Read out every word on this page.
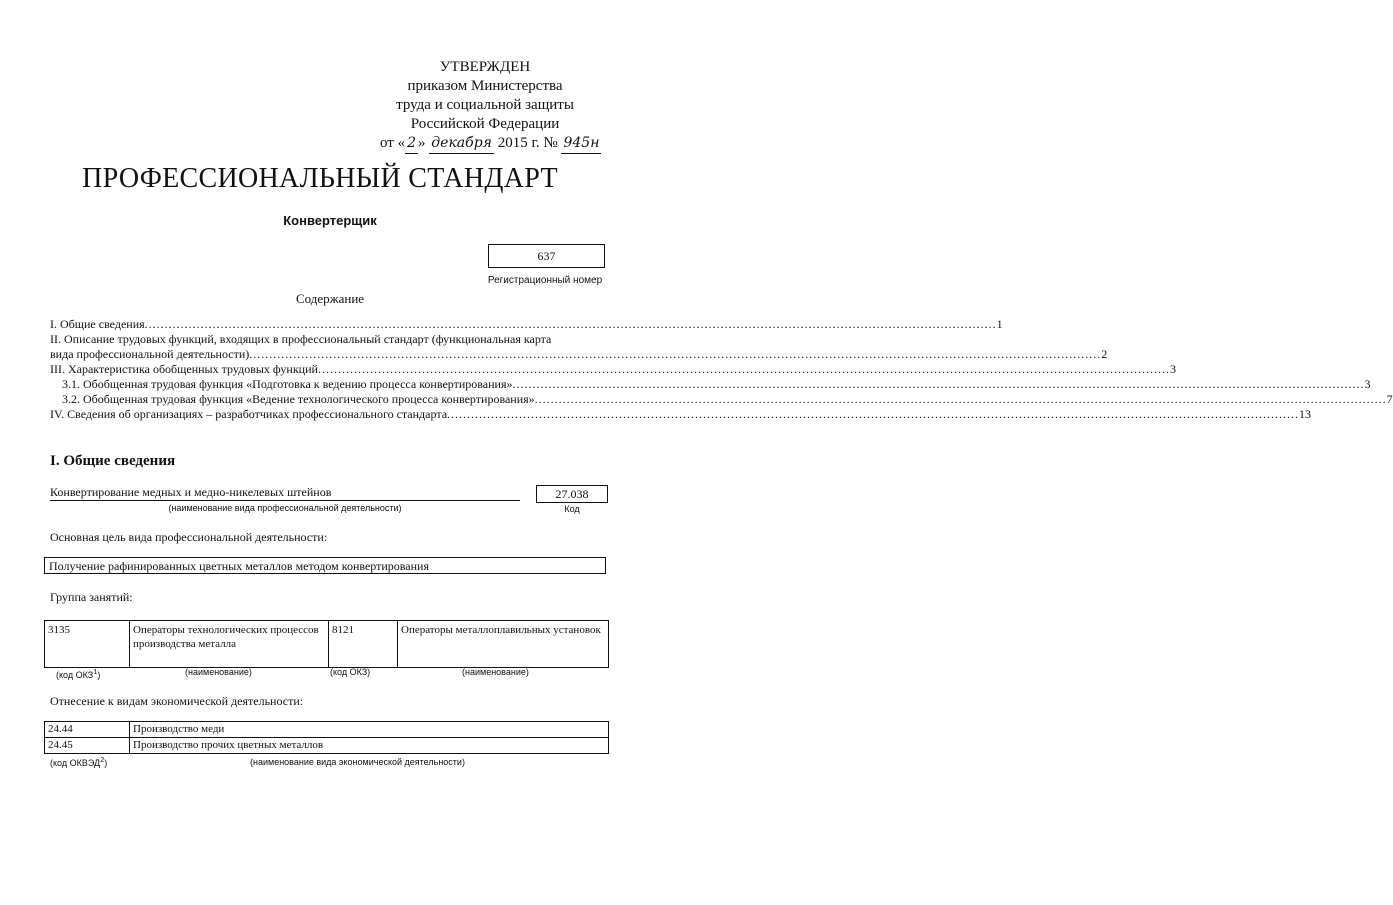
УТВЕРЖДЕН
приказом Министерства
труда и социальной защиты
Российской Федерации
от « 2 » декабря 2015 г. № 945н
ПРОФЕССИОНАЛЬНЫЙ СТАНДАРТ
Конвертерщик
637
Регистрационный номер
Содержание
I. Общие сведения ..................................................................................................................................................................................................................... 1
II. Описание трудовых функций, входящих в профессиональный стандарт (функциональная карта
вида профессиональной деятельности) ..................................................................................................................................................................................................................... 2
III. Характеристика обобщенных трудовых функций ..................................................................................................................................................................................................................... 3
3.1. Обобщенная трудовая функция «Подготовка к ведению процесса конвертирования» ..................................................................................................................................................................................................................... 3
3.2. Обобщенная трудовая функция «Ведение технологического процесса конвертирования» ..................................................................................................................................................................................................................... 7
IV. Сведения об организациях – разработчиках профессионального стандарта ..................................................................................................................................................................................................................... 13
I. Общие сведения
Конвертирование медных и медно-никелевых штейнов
(наименование вида профессиональной деятельности)
27.038
Код
Основная цель вида профессиональной деятельности:
Получение рафинированных цветных металлов методом конвертирования
Группа занятий:
3135	Операторы технологических процессов производства металла	8121	Операторы металлоплавильных установок
(код ОКЗ$^1$)	(наименование)	(код ОКЗ)	(наименование)
Отнесение к видам экономической деятельности:
24.44	Производство меди
24.45	Производство прочих цветных металлов
(код ОКВЭД$^2$)	(наименование вида экономической деятельности)
